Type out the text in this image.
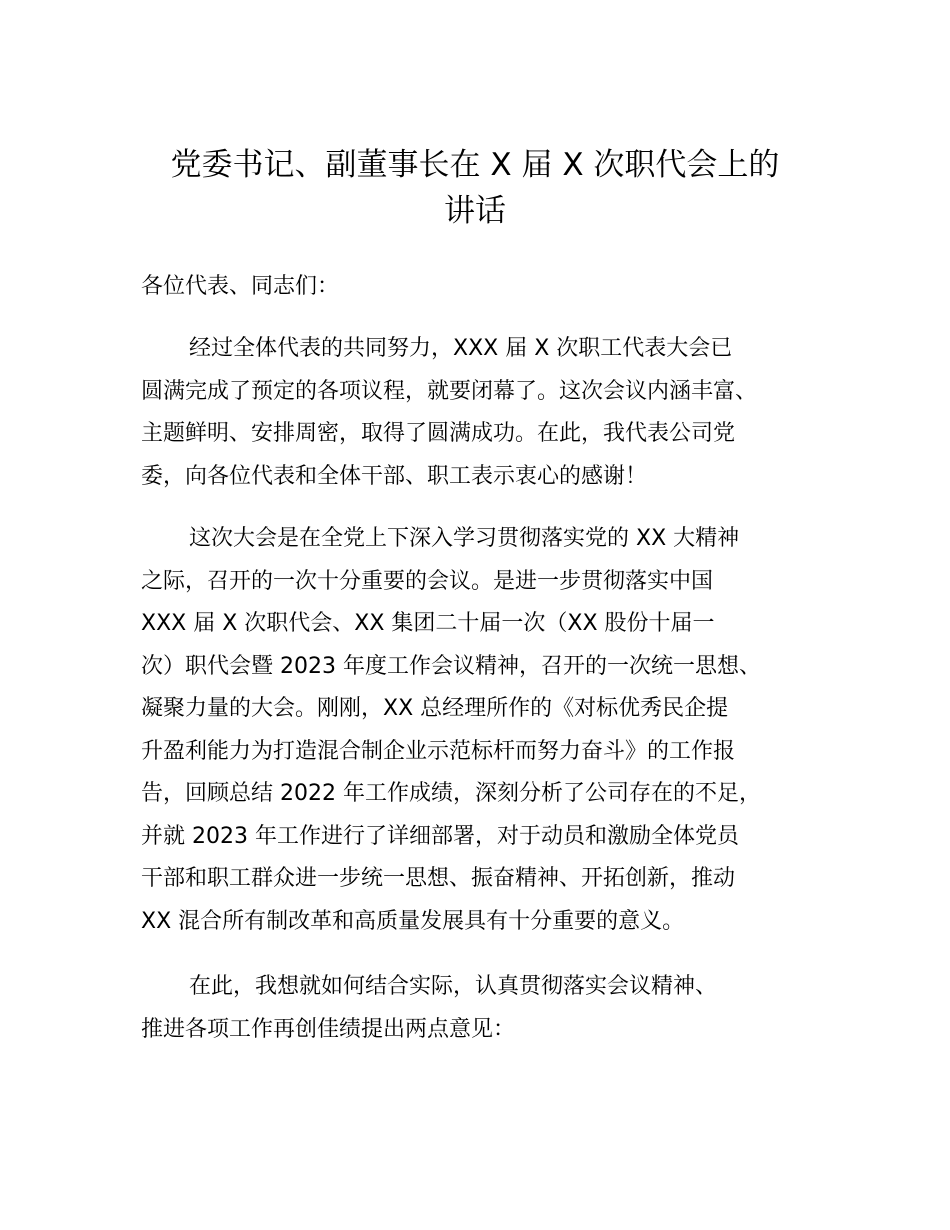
党委书记、副董事长在 X 届 X 次职代会上的
讲话

各位代表、同志们：

经过全体代表的共同努力，XXX 届 X 次职工代表大会已
圆满完成了预定的各项议程，就要闭幕了。这次会议内涵丰富、
主题鲜明、安排周密，取得了圆满成功。在此，我代表公司党
委，向各位代表和全体干部、职工表示衷心的感谢！

这次大会是在全党上下深入学习贯彻落实党的 XX 大精神
之际，召开的一次十分重要的会议。是进一步贯彻落实中国
XXX 届 X 次职代会、XX 集团二十届一次（XX 股份十届一
次）职代会暨 2023 年度工作会议精神，召开的一次统一思想、
凝聚力量的大会。刚刚，XX 总经理所作的《对标优秀民企提
升盈利能力为打造混合制企业示范标杆而努力奋斗》的工作报
告，回顾总结 2022 年工作成绩，深刻分析了公司存在的不足，
并就 2023 年工作进行了详细部署，对于动员和激励全体党员
干部和职工群众进一步统一思想、振奋精神、开拓创新，推动
XX 混合所有制改革和高质量发展具有十分重要的意义。

在此，我想就如何结合实际，认真贯彻落实会议精神、
推进各项工作再创佳绩提出两点意见：
